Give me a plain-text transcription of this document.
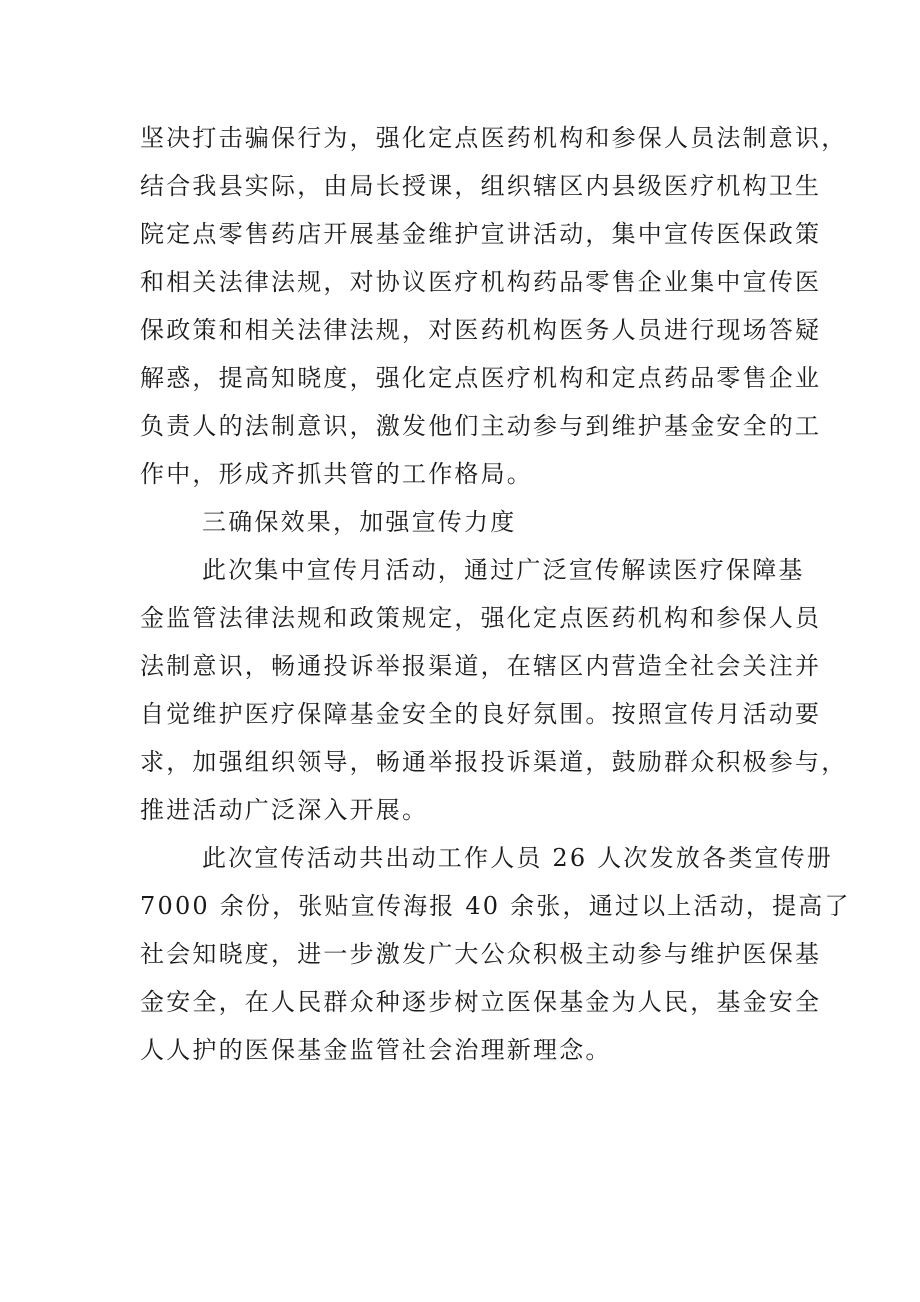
坚决打击骗保行为，强化定点医药机构和参保人员法制意识，
结合我县实际，由局长授课，组织辖区内县级医疗机构卫生
院定点零售药店开展基金维护宣讲活动，集中宣传医保政策
和相关法律法规，对协议医疗机构药品零售企业集中宣传医
保政策和相关法律法规，对医药机构医务人员进行现场答疑
解惑，提高知晓度，强化定点医疗机构和定点药品零售企业
负责人的法制意识，激发他们主动参与到维护基金安全的工
作中，形成齐抓共管的工作格局。
三确保效果，加强宣传力度
此次集中宣传月活动，通过广泛宣传解读医疗保障基
金监管法律法规和政策规定，强化定点医药机构和参保人员
法制意识，畅通投诉举报渠道，在辖区内营造全社会关注并
自觉维护医疗保障基金安全的良好氛围。按照宣传月活动要
求，加强组织领导，畅通举报投诉渠道，鼓励群众积极参与，
推进活动广泛深入开展。
此次宣传活动共出动工作人员 26 人次发放各类宣传册
7000 余份，张贴宣传海报 40 余张，通过以上活动，提高了
社会知晓度，进一步激发广大公众积极主动参与维护医保基
金安全，在人民群众种逐步树立医保基金为人民，基金安全
人人护的医保基金监管社会治理新理念。
